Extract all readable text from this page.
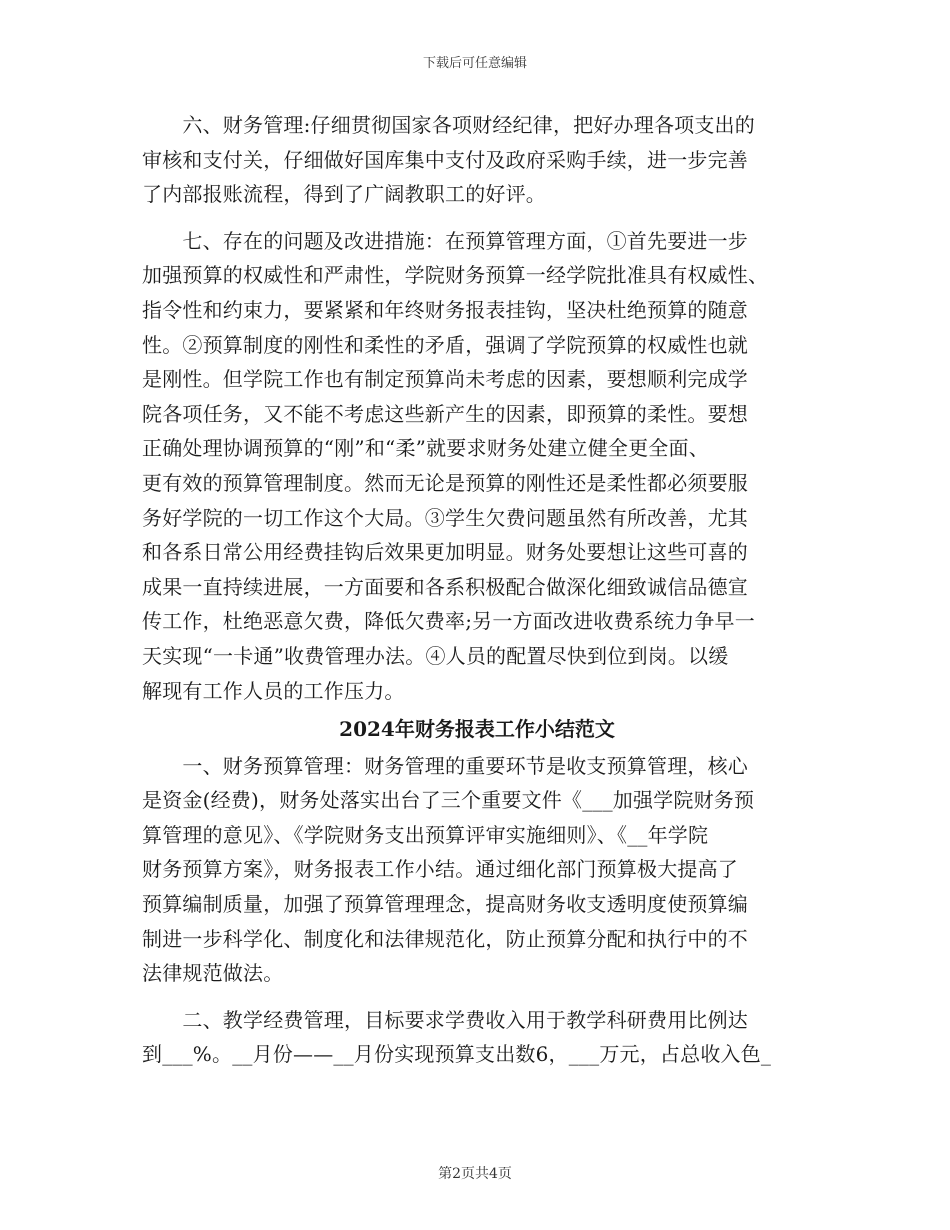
下载后可任意编辑

　　六、财务管理:仔细贯彻国家各项财经纪律，把好办理各项支出的

审核和支付关，仔细做好国库集中支付及政府采购手续，进一步完善

了内部报账流程，得到了广阔教职工的好评。

　　七、存在的问题及改进措施：在预算管理方面，①首先要进一步

加强预算的权威性和严肃性，学院财务预算一经学院批准具有权威性、

指令性和约束力，要紧紧和年终财务报表挂钩，坚决杜绝预算的随意

性。②预算制度的刚性和柔性的矛盾，强调了学院预算的权威性也就

是刚性。但学院工作也有制定预算尚未考虑的因素，要想顺利完成学

院各项任务，又不能不考虑这些新产生的因素，即预算的柔性。要想

正确处理协调预算的“刚”和“柔”就要求财务处建立健全更全面、

更有效的预算管理制度。然而无论是预算的刚性还是柔性都必须要服

务好学院的一切工作这个大局。③学生欠费问题虽然有所改善，尤其

和各系日常公用经费挂钩后效果更加明显。财务处要想让这些可喜的

成果一直持续进展，一方面要和各系积极配合做深化细致诚信品德宣

传工作，杜绝恶意欠费，降低欠费率;另一方面改进收费系统力争早一

天实现“一卡通”收费管理办法。④人员的配置尽快到位到岗。以缓

解现有工作人员的工作压力。

2024年财务报表工作小结范文

　　一、财务预算管理：财务管理的重要环节是收支预算管理，核心

是资金(经费)，财务处落实出台了三个重要文件《___加强学院财务预

算管理的意见》、《学院财务支出预算评审实施细则》、《__年学院

财务预算方案》，财务报表工作小结。通过细化部门预算极大提高了

预算编制质量，加强了预算管理理念，提高财务收支透明度使预算编

制进一步科学化、制度化和法律规范化，防止预算分配和执行中的不

法律规范做法。

　　二、教学经费管理，目标要求学费收入用于教学科研费用比例达

到___%。__月份——__月份实现预算支出数6，___万元，占总收入色_

第2页共4页
